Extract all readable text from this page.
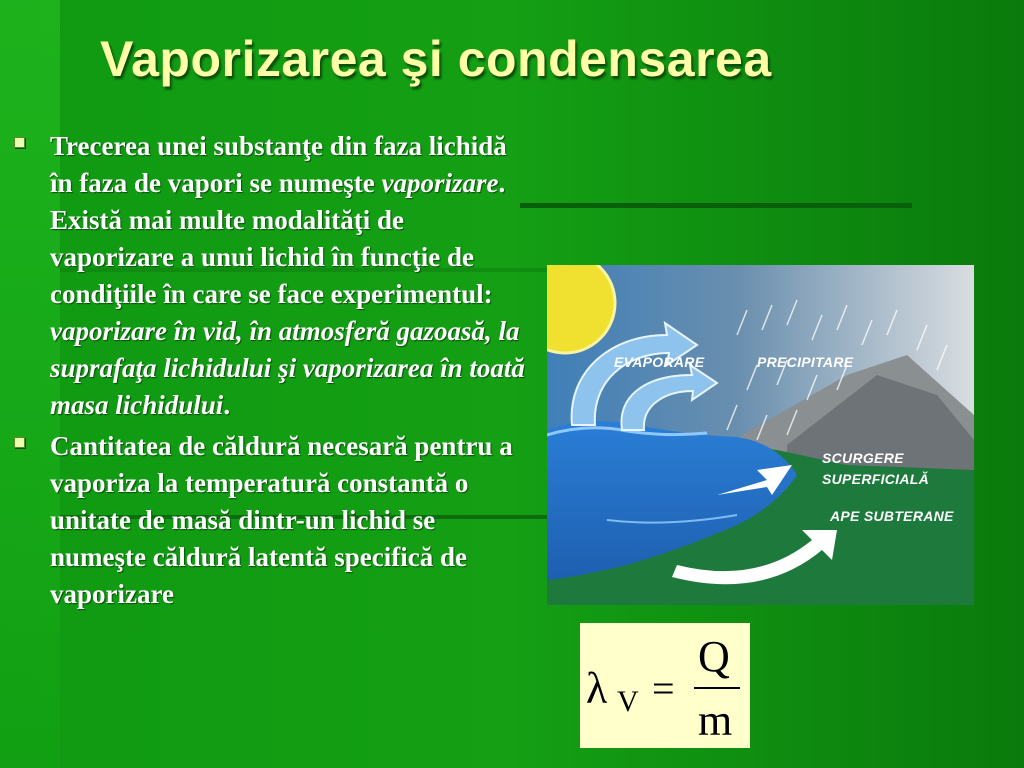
Vaporizarea şi condensarea
Trecerea unei substanţe din faza lichidă în faza de vapori se numeşte vaporizare. Există mai multe modalităţi de vaporizare a unui lichid în funcţie de condiţiile în care se face experimentul: vaporizare în vid, în atmosferă gazoasă, la suprafaţa lichidului şi vaporizarea în toată masa lichidului.
Cantitatea de căldură necesară pentru a vaporiza la temperatură constantă o unitate de masă dintr-un lichid se numeşte căldură latentă specifică de vaporizare
EVAPORARE	PRECIPITARE
SCURGERE
SUPERFICIALĂ
APE SUBTERANE
λ V =
Q
m
